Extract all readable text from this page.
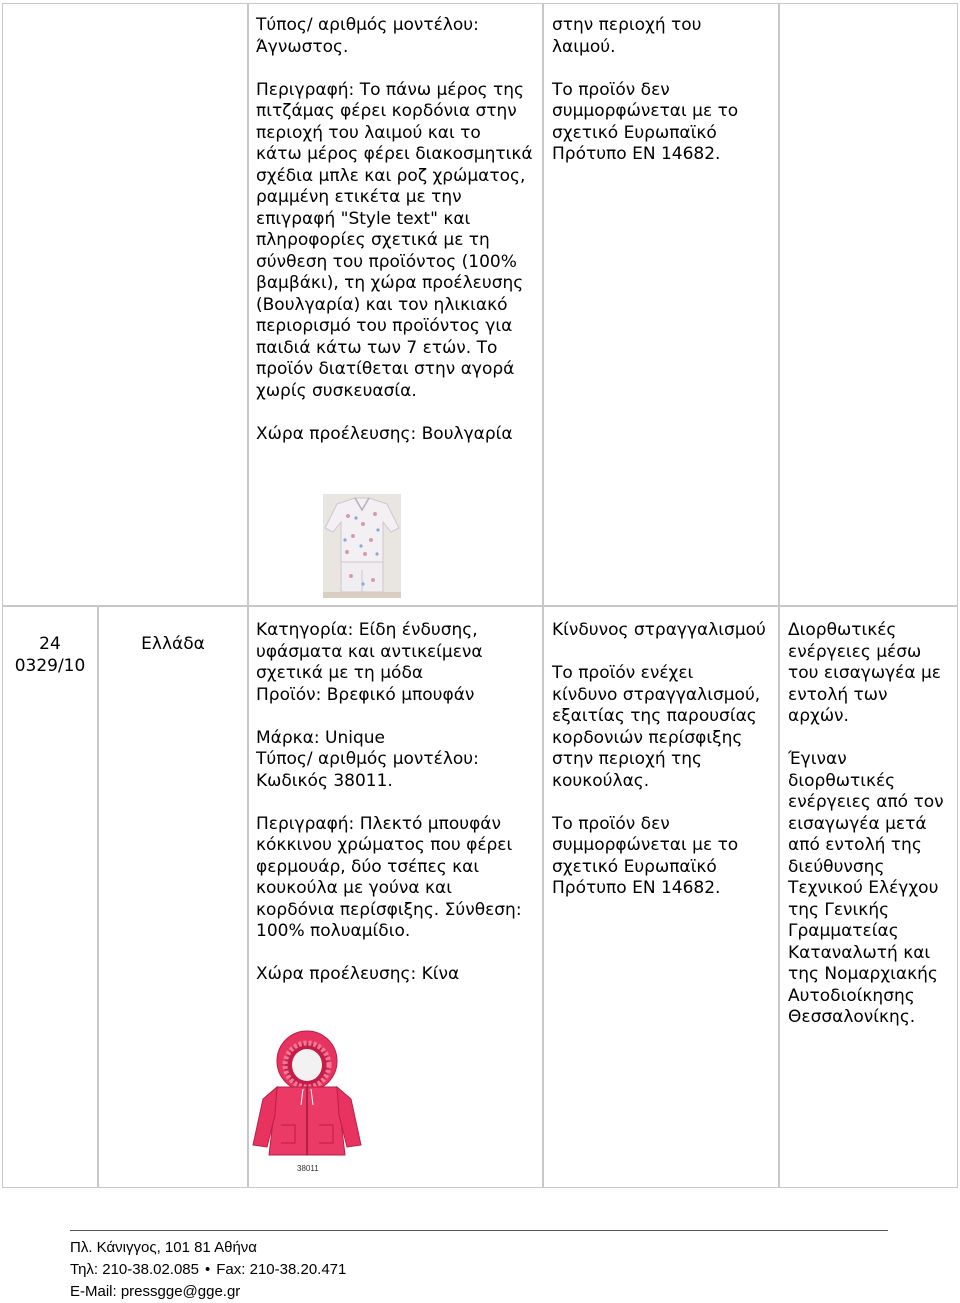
Τύπος/ αριθμός μοντέλου:
Άγνωστος.
Περιγραφή: Το πάνω μέρος της
πιτζάμας φέρει κορδόνια στην
περιοχή του λαιμού και το
κάτω μέρος φέρει διακοσμητικά
σχέδια μπλε και ροζ χρώματος,
ραμμένη ετικέτα με την
επιγραφή "Style text" και
πληροφορίες σχετικά με τη
σύνθεση του προϊόντος (100%
βαμβάκι), τη χώρα προέλευσης
(Βουλγαρία) και τον ηλικιακό
περιορισμό του προϊόντος για
παιδιά κάτω των 7 ετών. Το
προϊόν διατίθεται στην αγορά
χωρίς συσκευασία.
Χώρα προέλευσης: Βουλγαρία
στην περιοχή του
λαιμού.
Το προϊόν δεν
συμμορφώνεται με το
σχετικό Ευρωπαϊκό
Πρότυπο EN 14682.
24
0329/10
Ελλάδα
Κατηγορία: Είδη ένδυσης,
υφάσματα και αντικείμενα
σχετικά με τη μόδα
Προϊόν: Βρεφικό μπουφάν
Μάρκα: Unique
Τύπος/ αριθμός μοντέλου:
Κωδικός 38011.
Περιγραφή: Πλεκτό μπουφάν
κόκκινου χρώματος που φέρει
φερμουάρ, δύο τσέπες και
κουκούλα με γούνα και
κορδόνια περίσφιξης. Σύνθεση:
100% πολυαμίδιο.
Χώρα προέλευσης: Κίνα
38011
Κίνδυνος στραγγαλισμού
Το προϊόν ενέχει
κίνδυνο στραγγαλισμού,
εξαιτίας της παρουσίας
κορδονιών περίσφιξης
στην περιοχή της
κουκούλας.
Το προϊόν δεν
συμμορφώνεται με το
σχετικό Ευρωπαϊκό
Πρότυπο EN 14682.
Διορθωτικές
ενέργειες μέσω
του εισαγωγέα με
εντολή των
αρχών.
Έγιναν
διορθωτικές
ενέργειες από τον
εισαγωγέα μετά
από εντολή της
διεύθυνσης
Τεχνικού Ελέγχου
της Γενικής
Γραμματείας
Καταναλωτή και
της Νομαρχιακής
Αυτοδιοίκησης
Θεσσαλονίκης.
Πλ. Κάνιγγος, 101 81 Αθήνα
Τηλ: 210-38.02.085 • Fax: 210-38.20.471
E-Mail: pressgge@gge.gr
